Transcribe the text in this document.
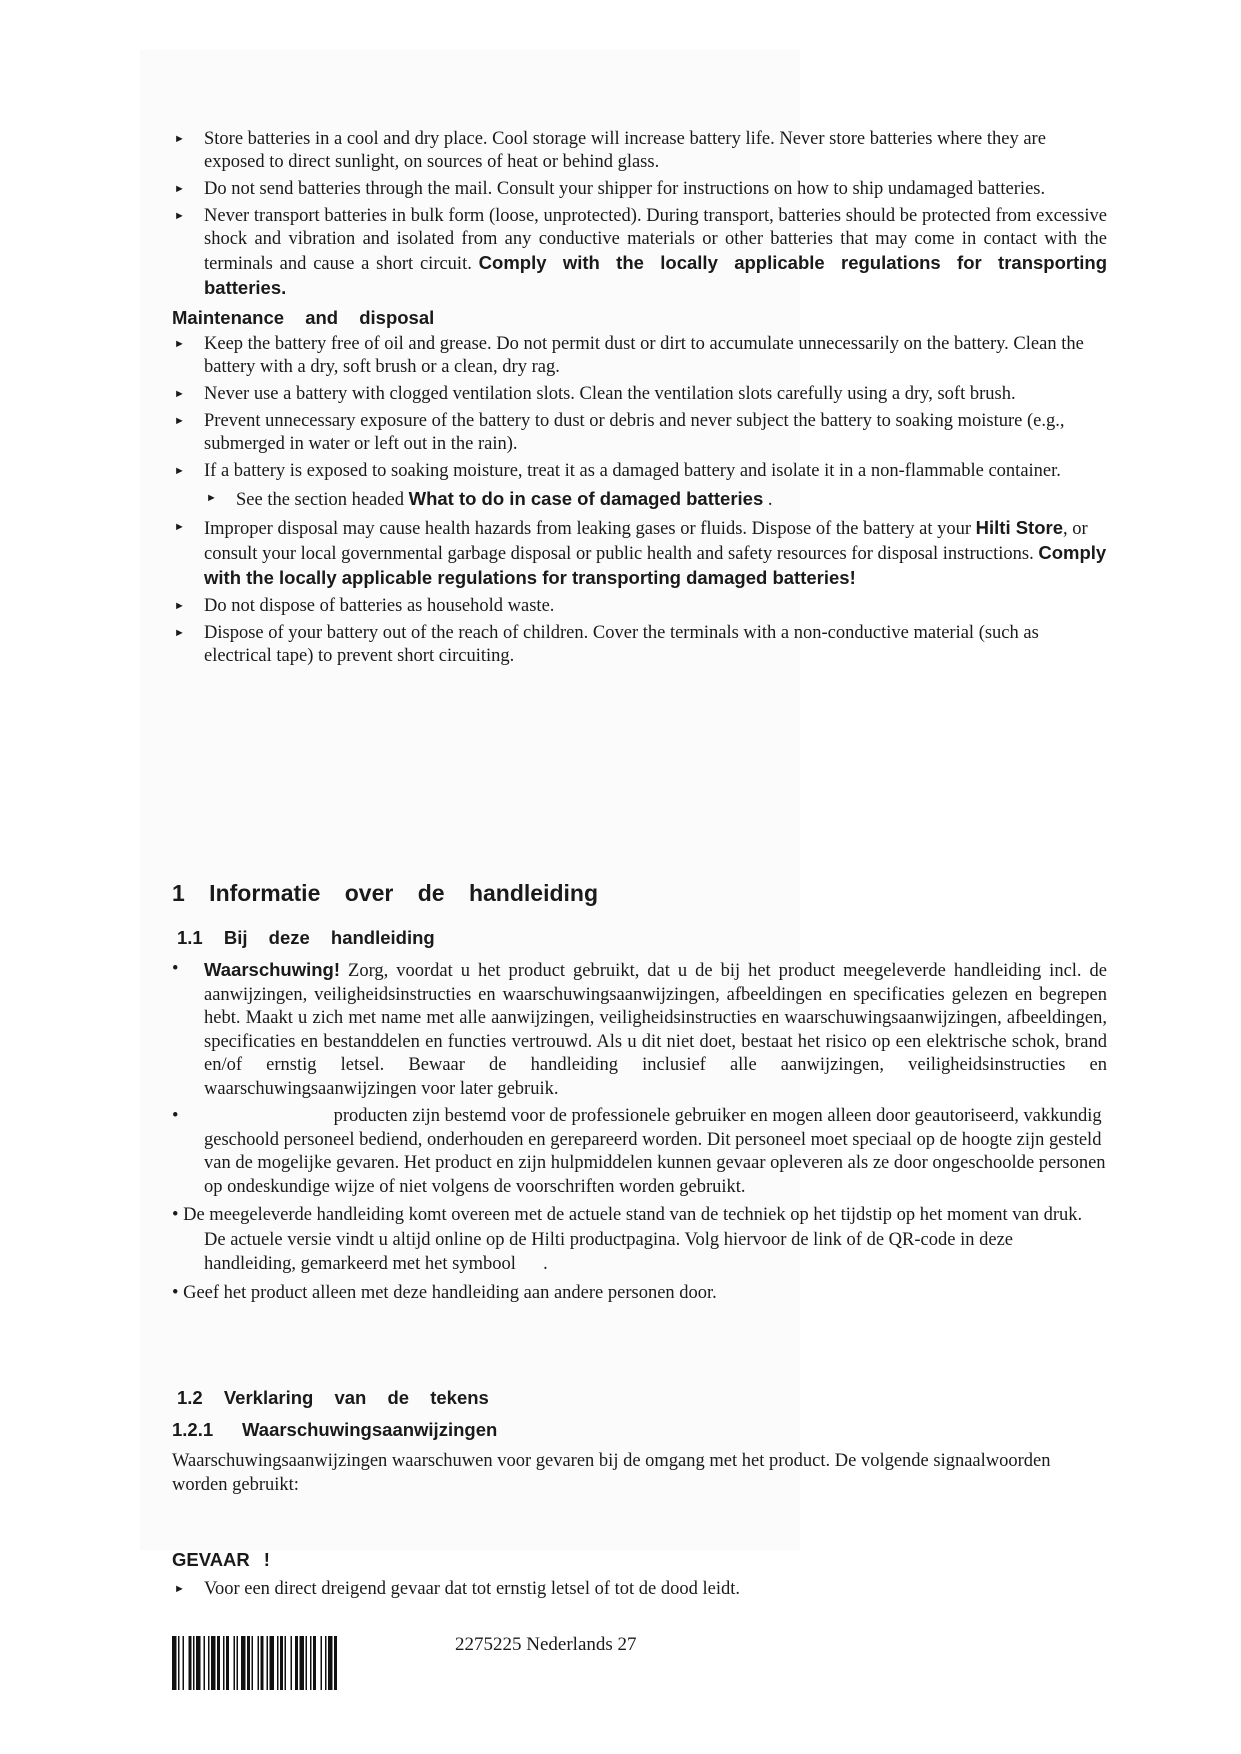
► Store batteries in a cool and dry place. Cool storage will increase battery life. Never store batteries where they are exposed to direct sunlight, on sources of heat or behind glass.
► Do not send batteries through the mail. Consult your shipper for instructions on how to ship undamaged batteries.
► Never transport batteries in bulk form (loose, unprotected). During transport, batteries should be protected from excessive shock and vibration and isolated from any conductive materials or other batteries that may come in contact with the terminals and cause a short circuit. Comply with the locally applicable regulations for transporting batteries.
Maintenance and disposal
► Keep the battery free of oil and grease. Do not permit dust or dirt to accumulate unnecessarily on the battery. Clean the battery with a dry, soft brush or a clean, dry rag.
► Never use a battery with clogged ventilation slots. Clean the ventilation slots carefully using a dry, soft brush.
► Prevent unnecessary exposure of the battery to dust or debris and never subject the battery to soaking moisture (e.g., submerged in water or left out in the rain).
► If a battery is exposed to soaking moisture, treat it as a damaged battery and isolate it in a non-flammable container.
► See the section headed What to do in case of damaged batteries .
► Improper disposal may cause health hazards from leaking gases or fluids. Dispose of the battery at your Hilti Store, or consult your local governmental garbage disposal or public health and safety resources for disposal instructions. Comply with the locally applicable regulations for transporting damaged batteries!
► Do not dispose of batteries as household waste.
► Dispose of your battery out of the reach of children. Cover the terminals with a non-conductive material (such as electrical tape) to prevent short circuiting.
1 Informatie over de handleiding
1.1 Bij deze handleiding
• Waarschuwing! Zorg, voordat u het product gebruikt, dat u de bij het product meegeleverde handleiding incl. de aanwijzingen, veiligheidsinstructies en waarschuwingsaanwijzingen, afbeeldingen en specificaties gelezen en begrepen hebt. Maakt u zich met name met alle aanwijzingen, veiligheidsinstructies en waarschuwingsaanwijzingen, afbeeldingen, specificaties en bestanddelen en functies vertrouwd. Als u dit niet doet, bestaat het risico op een elektrische schok, brand en/of ernstig letsel. Bewaar de handleiding inclusief alle aanwijzingen, veiligheidsinstructies en waarschuwingsaanwijzingen voor later gebruik.
•	producten zijn bestemd voor de professionele gebruiker en mogen alleen door geautoriseerd, vakkundig geschoold personeel bediend, onderhouden en gerepareerd worden. Dit personeel moet speciaal op de hoogte zijn gesteld van de mogelijke gevaren. Het product en zijn hulpmiddelen kunnen gevaar opleveren als ze door ongeschoolde personen op ondeskundige wijze of niet volgens de voorschriften worden gebruikt.
• De meegeleverde handleiding komt overeen met de actuele stand van de techniek op het tijdstip op het moment van druk. De actuele versie vindt u altijd online op de Hilti productpagina. Volg hiervoor de link of de QR-code in deze handleiding, gemarkeerd met het symbool .
• Geef het product alleen met deze handleiding aan andere personen door.
1.2 Verklaring van de tekens
1.2.1 Waarschuwingsaanwijzingen
Waarschuwingsaanwijzingen waarschuwen voor gevaren bij de omgang met het product. De volgende signaalwoorden worden gebruikt:
GEVAAR !
► Voor een direct dreigend gevaar dat tot ernstig letsel of tot de dood leidt.
2275225 Nederlands 27
